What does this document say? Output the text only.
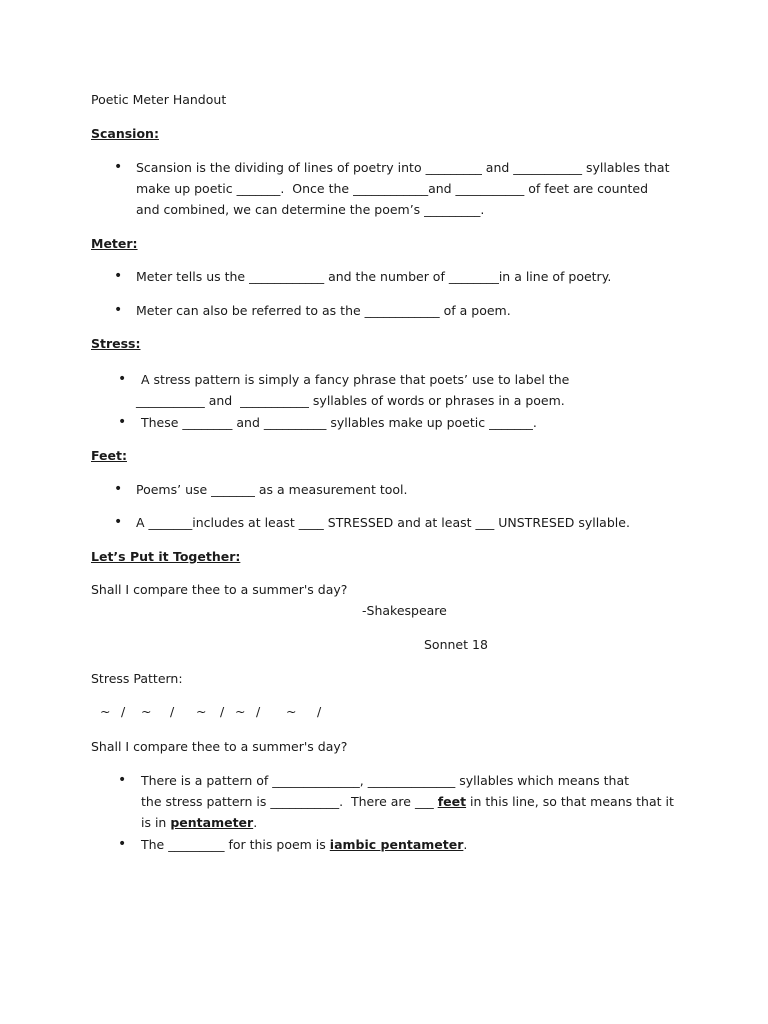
Poetic Meter Handout
Scansion:
• Scansion is the dividing of lines of poetry into _________ and ___________ syllables that
make up poetic _______.  Once the ____________and ___________ of feet are counted
and combined, we can determine the poem’s _________.
Meter:
• Meter tells us the ____________ and the number of ________in a line of poetry.
• Meter can also be referred to as the ____________ of a poem.
Stress:
• A stress pattern is simply a fancy phrase that poets’ use to label the
___________ and  ___________ syllables of words or phrases in a poem.
• These ________ and __________ syllables make up poetic _______.
Feet:
• Poems’ use _______ as a measurement tool.
• A _______includes at least ____ STRESSED and at least ___ UNSTRESED syllable.
Let’s Put it Together:
Shall I compare thee to a summer's day?
-Shakespeare
Sonnet 18
Stress Pattern:
~ / ~ / ~ / ~ / ~ /
Shall I compare thee to a summer's day?
• There is a pattern of ______________, ______________ syllables which means that
the stress pattern is ___________.  There are ___ feet in this line, so that means that it
is in pentameter.
• The _________ for this poem is iambic pentameter.
